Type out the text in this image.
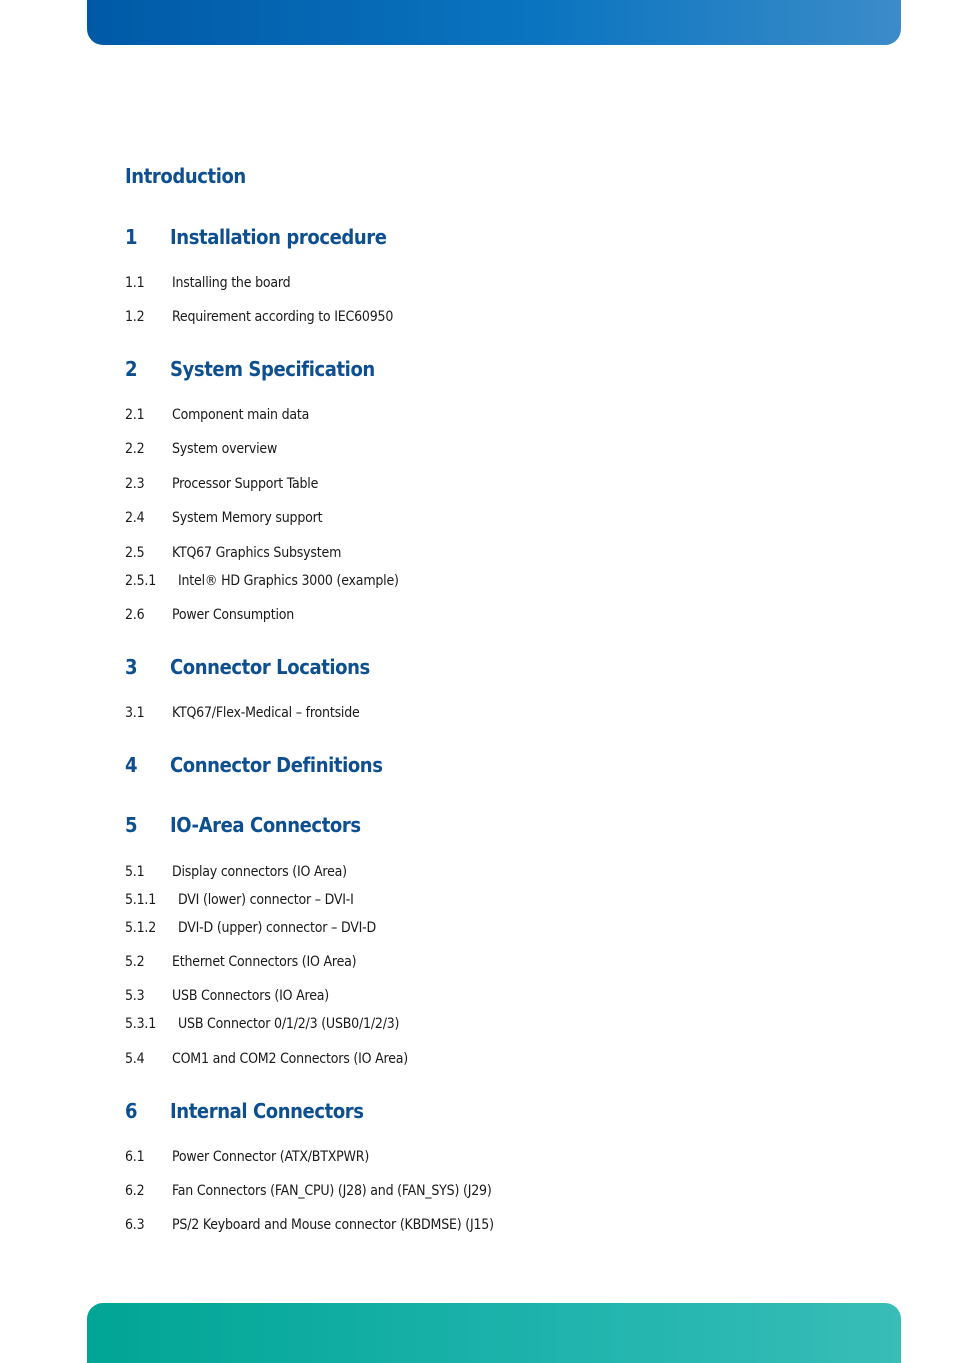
Introduction
1 Installation procedure
1.1 Installing the board
1.2 Requirement according to IEC60950
2 System Specification
2.1 Component main data
2.2 System overview
2.3 Processor Support Table
2.4 System Memory support
2.5 KTQ67 Graphics Subsystem
2.5.1 Intel® HD Graphics 3000 (example)
2.6 Power Consumption
3 Connector Locations
3.1 KTQ67/Flex-Medical – frontside
4 Connector Definitions
5 IO-Area Connectors
5.1 Display connectors (IO Area)
5.1.1 DVI (lower) connector – DVI-I
5.1.2 DVI-D (upper) connector – DVI-D
5.2 Ethernet Connectors (IO Area)
5.3 USB Connectors (IO Area)
5.3.1 USB Connector 0/1/2/3 (USB0/1/2/3)
5.4 COM1 and COM2 Connectors (IO Area)
6 Internal Connectors
6.1 Power Connector (ATX/BTXPWR)
6.2 Fan Connectors (FAN_CPU) (J28) and (FAN_SYS) (J29)
6.3 PS/2 Keyboard and Mouse connector (KBDMSE) (J15)
